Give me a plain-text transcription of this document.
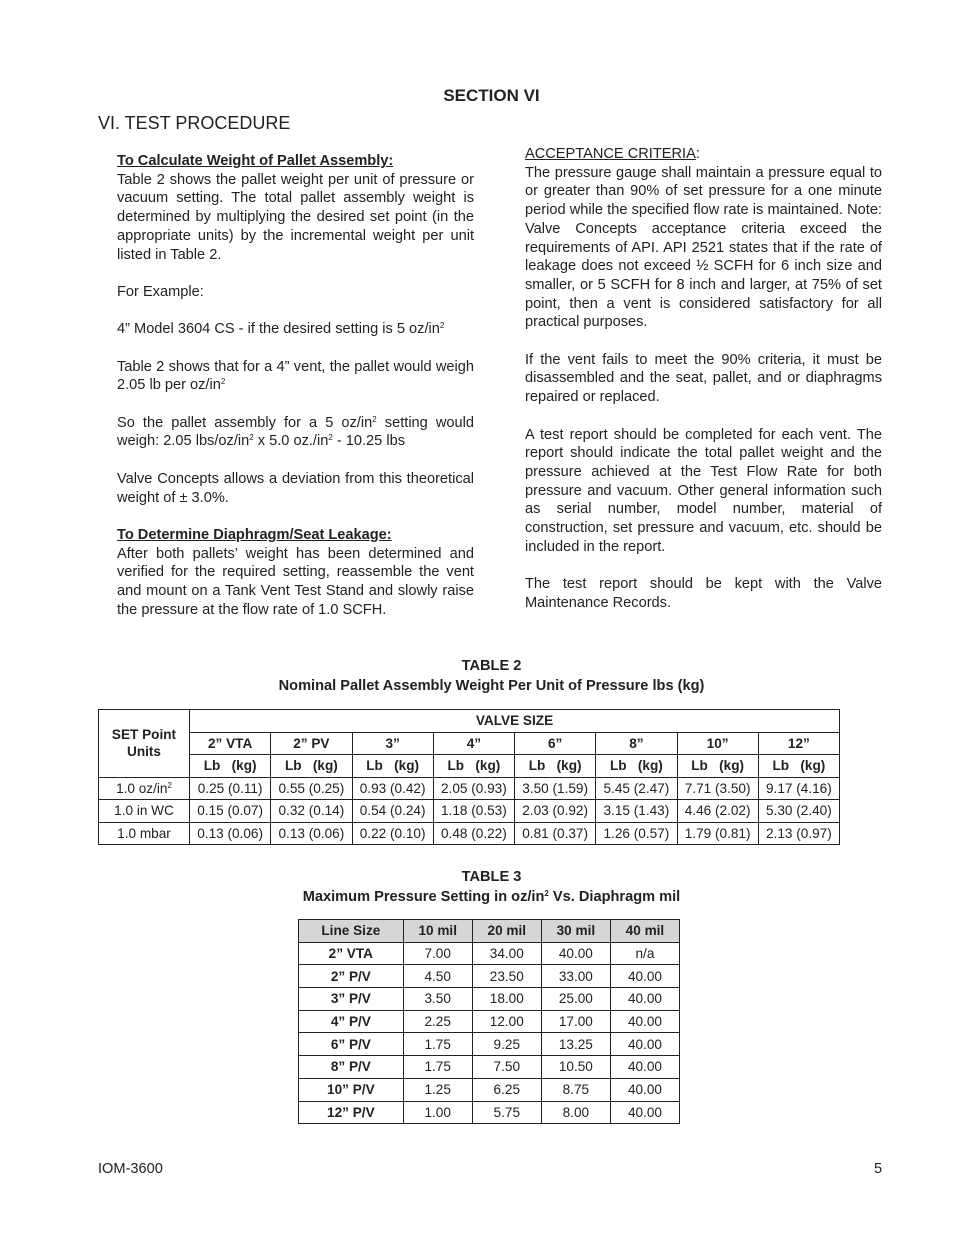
SECTION VI
VI. TEST PROCEDURE
To Calculate Weight of Pallet Assembly:

Table 2 shows the pallet weight per unit of pressure or vacuum setting. The total pallet assembly weight is determined by multiplying the desired set point (in the appropriate units) by the incremental weight per unit listed in Table 2.

For Example:

4” Model 3604 CS - if the desired setting is 5 $oz/in^2$

Table 2 shows that for a 4” vent, the pallet would weigh 2.05 lb per $oz/in^2$

So the pallet assembly for a 5 $oz/in^2$ setting would weigh: 2.05 lbs/$oz/in^2$ x 5.0 $oz./in^2 - 10.25$ lbs

Valve Concepts allows a deviation from this theoretical weight of ± 3.0%.

To Determine Diaphragm/Seat Leakage:

After both pallets’ weight has been determined and verified for the required setting, reassemble the vent and mount on a Tank Vent Test Stand and slowly raise the pressure at the flow rate of 1.0 SCFH.

ACCEPTANCE CRITERIA:

The pressure gauge shall maintain a pressure equal to or greater than 90% of set pressure for a one minute period while the specified flow rate is maintained. Note: Valve Concepts acceptance criteria exceed the requirements of API. API 2521 states that if the rate of leakage does not exceed ½ SCFH for 6 inch size and smaller, or 5 SCFH for 8 inch and larger, at 75% of set point, then a vent is considered satisfactory for all practical purposes.

If the vent fails to meet the 90% criteria, it must be disassembled and the seat, pallet, and or diaphragms repaired or replaced.

A test report should be completed for each vent. The report should indicate the total pallet weight and the pressure achieved at the Test Flow Rate for both pressure and vacuum. Other general information such as serial number, model number, material of construction, set pressure and vacuum, etc. should be included in the report.

The test report should be kept with the Valve Maintenance Records.

TABLE 2
Nominal Pallet Assembly Weight Per Unit of Pressure lbs (kg)
SET Point Units	VALVE SIZE							
	2” VTA	2” PV	3”	4”	6”	8”	10”	12”
	Lb   (kg)	Lb   (kg)	Lb   (kg)	Lb   (kg)	Lb   (kg)	Lb   (kg)	Lb   (kg)	Lb   (kg)
1.0 $oz/in^2$	0.25 (0.11)	0.55 (0.25)	0.93 (0.42)	2.05 (0.93)	3.50 (1.59)	5.45 (2.47)	7.71 (3.50)	9.17 (4.16)
1.0 in WC	0.15 (0.07)	0.32 (0.14)	0.54 (0.24)	1.18 (0.53)	2.03 (0.92)	3.15 (1.43)	4.46 (2.02)	5.30 (2.40)
1.0 mbar	0.13 (0.06)	0.13 (0.06)	0.22 (0.10)	0.48 (0.22)	0.81 (0.37)	1.26 (0.57)	1.79 (0.81)	2.13 (0.97)
TABLE 3
Maximum Pressure Setting in $oz/in^2$ Vs. Diaphragm mil
Line Size	10 mil	20 mil	30 mil	40 mil
2” VTA	7.00	34.00	40.00	n/a
2” P/V	4.50	23.50	33.00	40.00
3” P/V	3.50	18.00	25.00	40.00
4” P/V	2.25	12.00	17.00	40.00
6” P/V	1.75	9.25	13.25	40.00
8” P/V	1.75	7.50	10.50	40.00
10” P/V	1.25	6.25	8.75	40.00
12” P/V	1.00	5.75	8.00	40.00
IOM-3600	5
